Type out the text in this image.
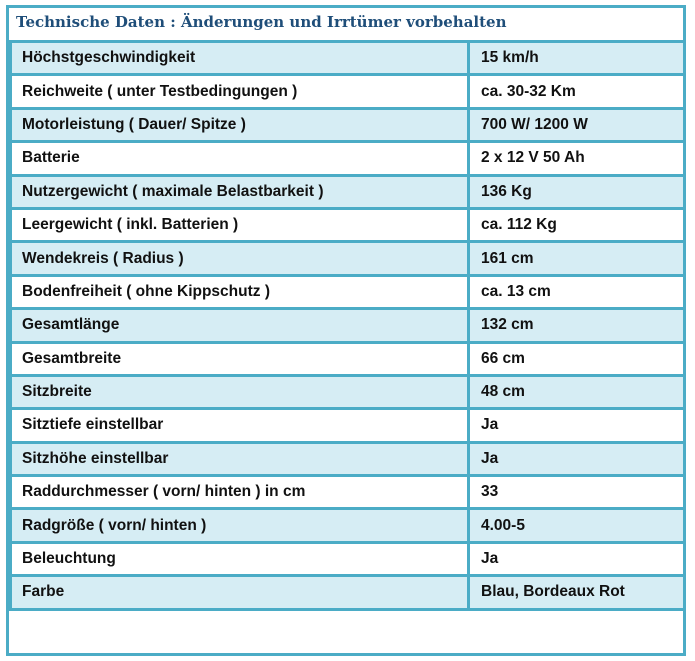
Technische Daten : Änderungen und Irrtümer vorbehalten
Höchstgeschwindigkeit	15 km/h
Reichweite ( unter Testbedingungen )	ca. 30-32 Km
Motorleistung ( Dauer/ Spitze )	700 W/ 1200 W
Batterie	2 x 12 V 50 Ah
Nutzergewicht ( maximale Belastbarkeit )	136 Kg
Leergewicht ( inkl. Batterien )	ca. 112 Kg
Wendekreis ( Radius )	161 cm
Bodenfreiheit ( ohne Kippschutz )	ca. 13 cm
Gesamtlänge	132 cm
Gesamtbreite	66 cm
Sitzbreite	48 cm
Sitztiefe einstellbar	Ja
Sitzhöhe einstellbar	Ja
Raddurchmesser ( vorn/ hinten ) in cm	33
Radgröße ( vorn/ hinten )	4.00-5
Beleuchtung	Ja
Farbe	Blau, Bordeaux Rot
